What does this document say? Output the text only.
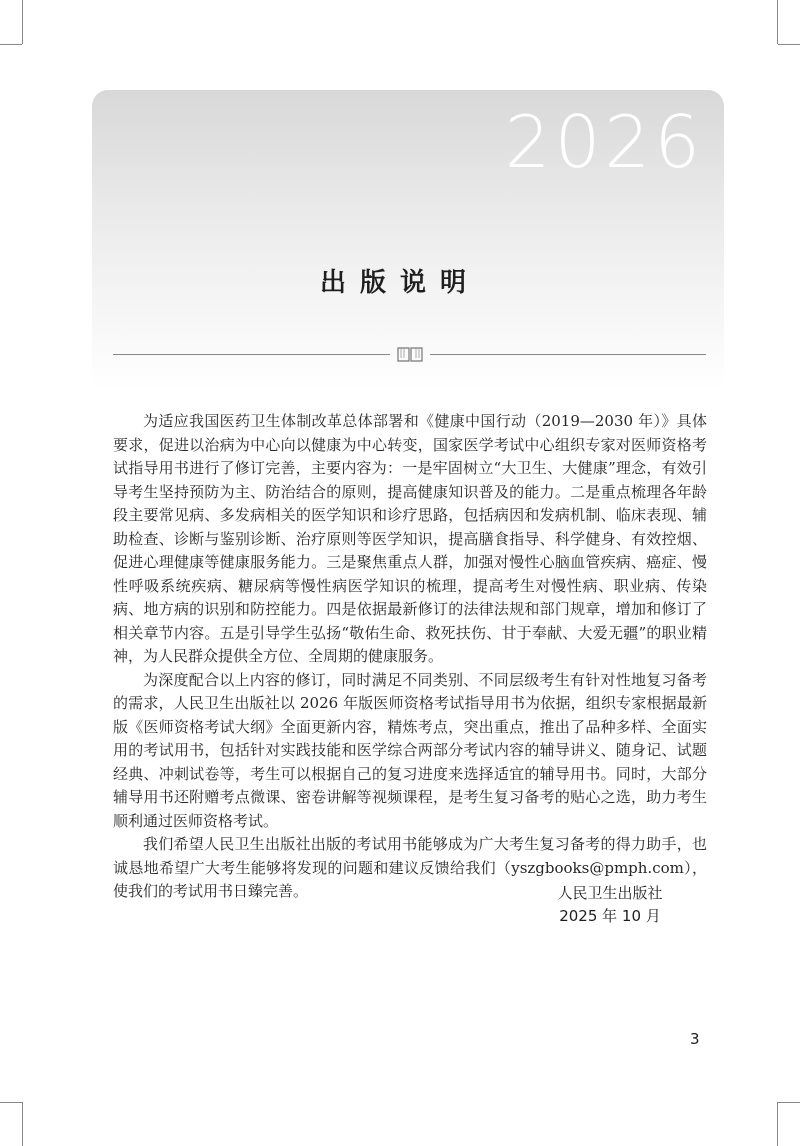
2026
出版说明

为适应我国医药卫生体制改革总体部署和《健康中国行动（2019—2030 年）》具体要求，促进以治病为中心向以健康为中心转变，国家医学考试中心组织专家对医师资格考试指导用书进行了修订完善，主要内容为：一是牢固树立“大卫生、大健康”理念，有效引导考生坚持预防为主、防治结合的原则，提高健康知识普及的能力。二是重点梳理各年龄段主要常见病、多发病相关的医学知识和诊疗思路，包括病因和发病机制、临床表现、辅助检查、诊断与鉴别诊断、治疗原则等医学知识，提高膳食指导、科学健身、有效控烟、促进心理健康等健康服务能力。三是聚焦重点人群，加强对慢性心脑血管疾病、癌症、慢性呼吸系统疾病、糖尿病等慢性病医学知识的梳理，提高考生对慢性病、职业病、传染病、地方病的识别和防控能力。四是依据最新修订的法律法规和部门规章，增加和修订了相关章节内容。五是引导学生弘扬“敬佑生命、救死扶伤、甘于奉献、大爱无疆”的职业精神，为人民群众提供全方位、全周期的健康服务。

为深度配合以上内容的修订，同时满足不同类别、不同层级考生有针对性地复习备考的需求，人民卫生出版社以 2026 年版医师资格考试指导用书为依据，组织专家根据最新版《医师资格考试大纲》全面更新内容，精炼考点，突出重点，推出了品种多样、全面实用的考试用书，包括针对实践技能和医学综合两部分考试内容的辅导讲义、随身记、试题经典、冲刺试卷等，考生可以根据自己的复习进度来选择适宜的辅导用书。同时，大部分辅导用书还附赠考点微课、密卷讲解等视频课程，是考生复习备考的贴心之选，助力考生顺利通过医师资格考试。

我们希望人民卫生出版社出版的考试用书能够成为广大考生复习备考的得力助手，也诚恳地希望广大考生能够将发现的问题和建议反馈给我们（yszgbooks@pmph.com），使我们的考试用书日臻完善。	人民卫生出版社
2025 年 10 月
3
